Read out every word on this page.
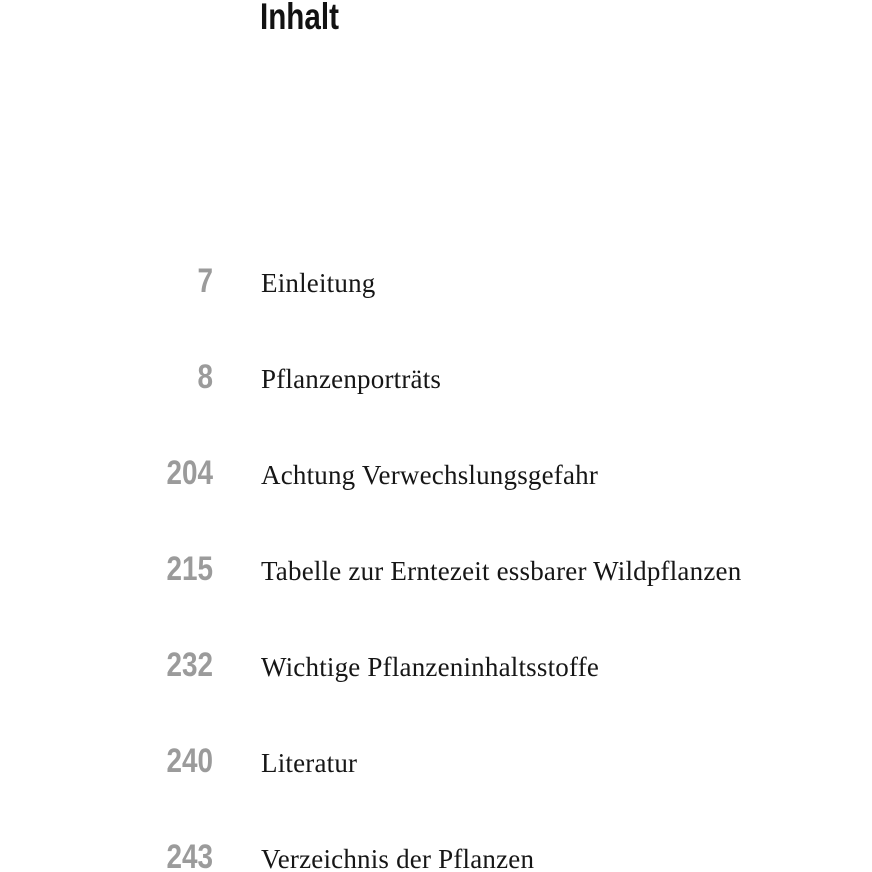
Inhalt
7 Einleitung
8 Pflanzenporträts
204 Achtung Verwechslungsgefahr
215 Tabelle zur Erntezeit essbarer Wildpflanzen
232 Wichtige Pflanzeninhaltsstoffe
240 Literatur
243 Verzeichnis der Pflanzen
